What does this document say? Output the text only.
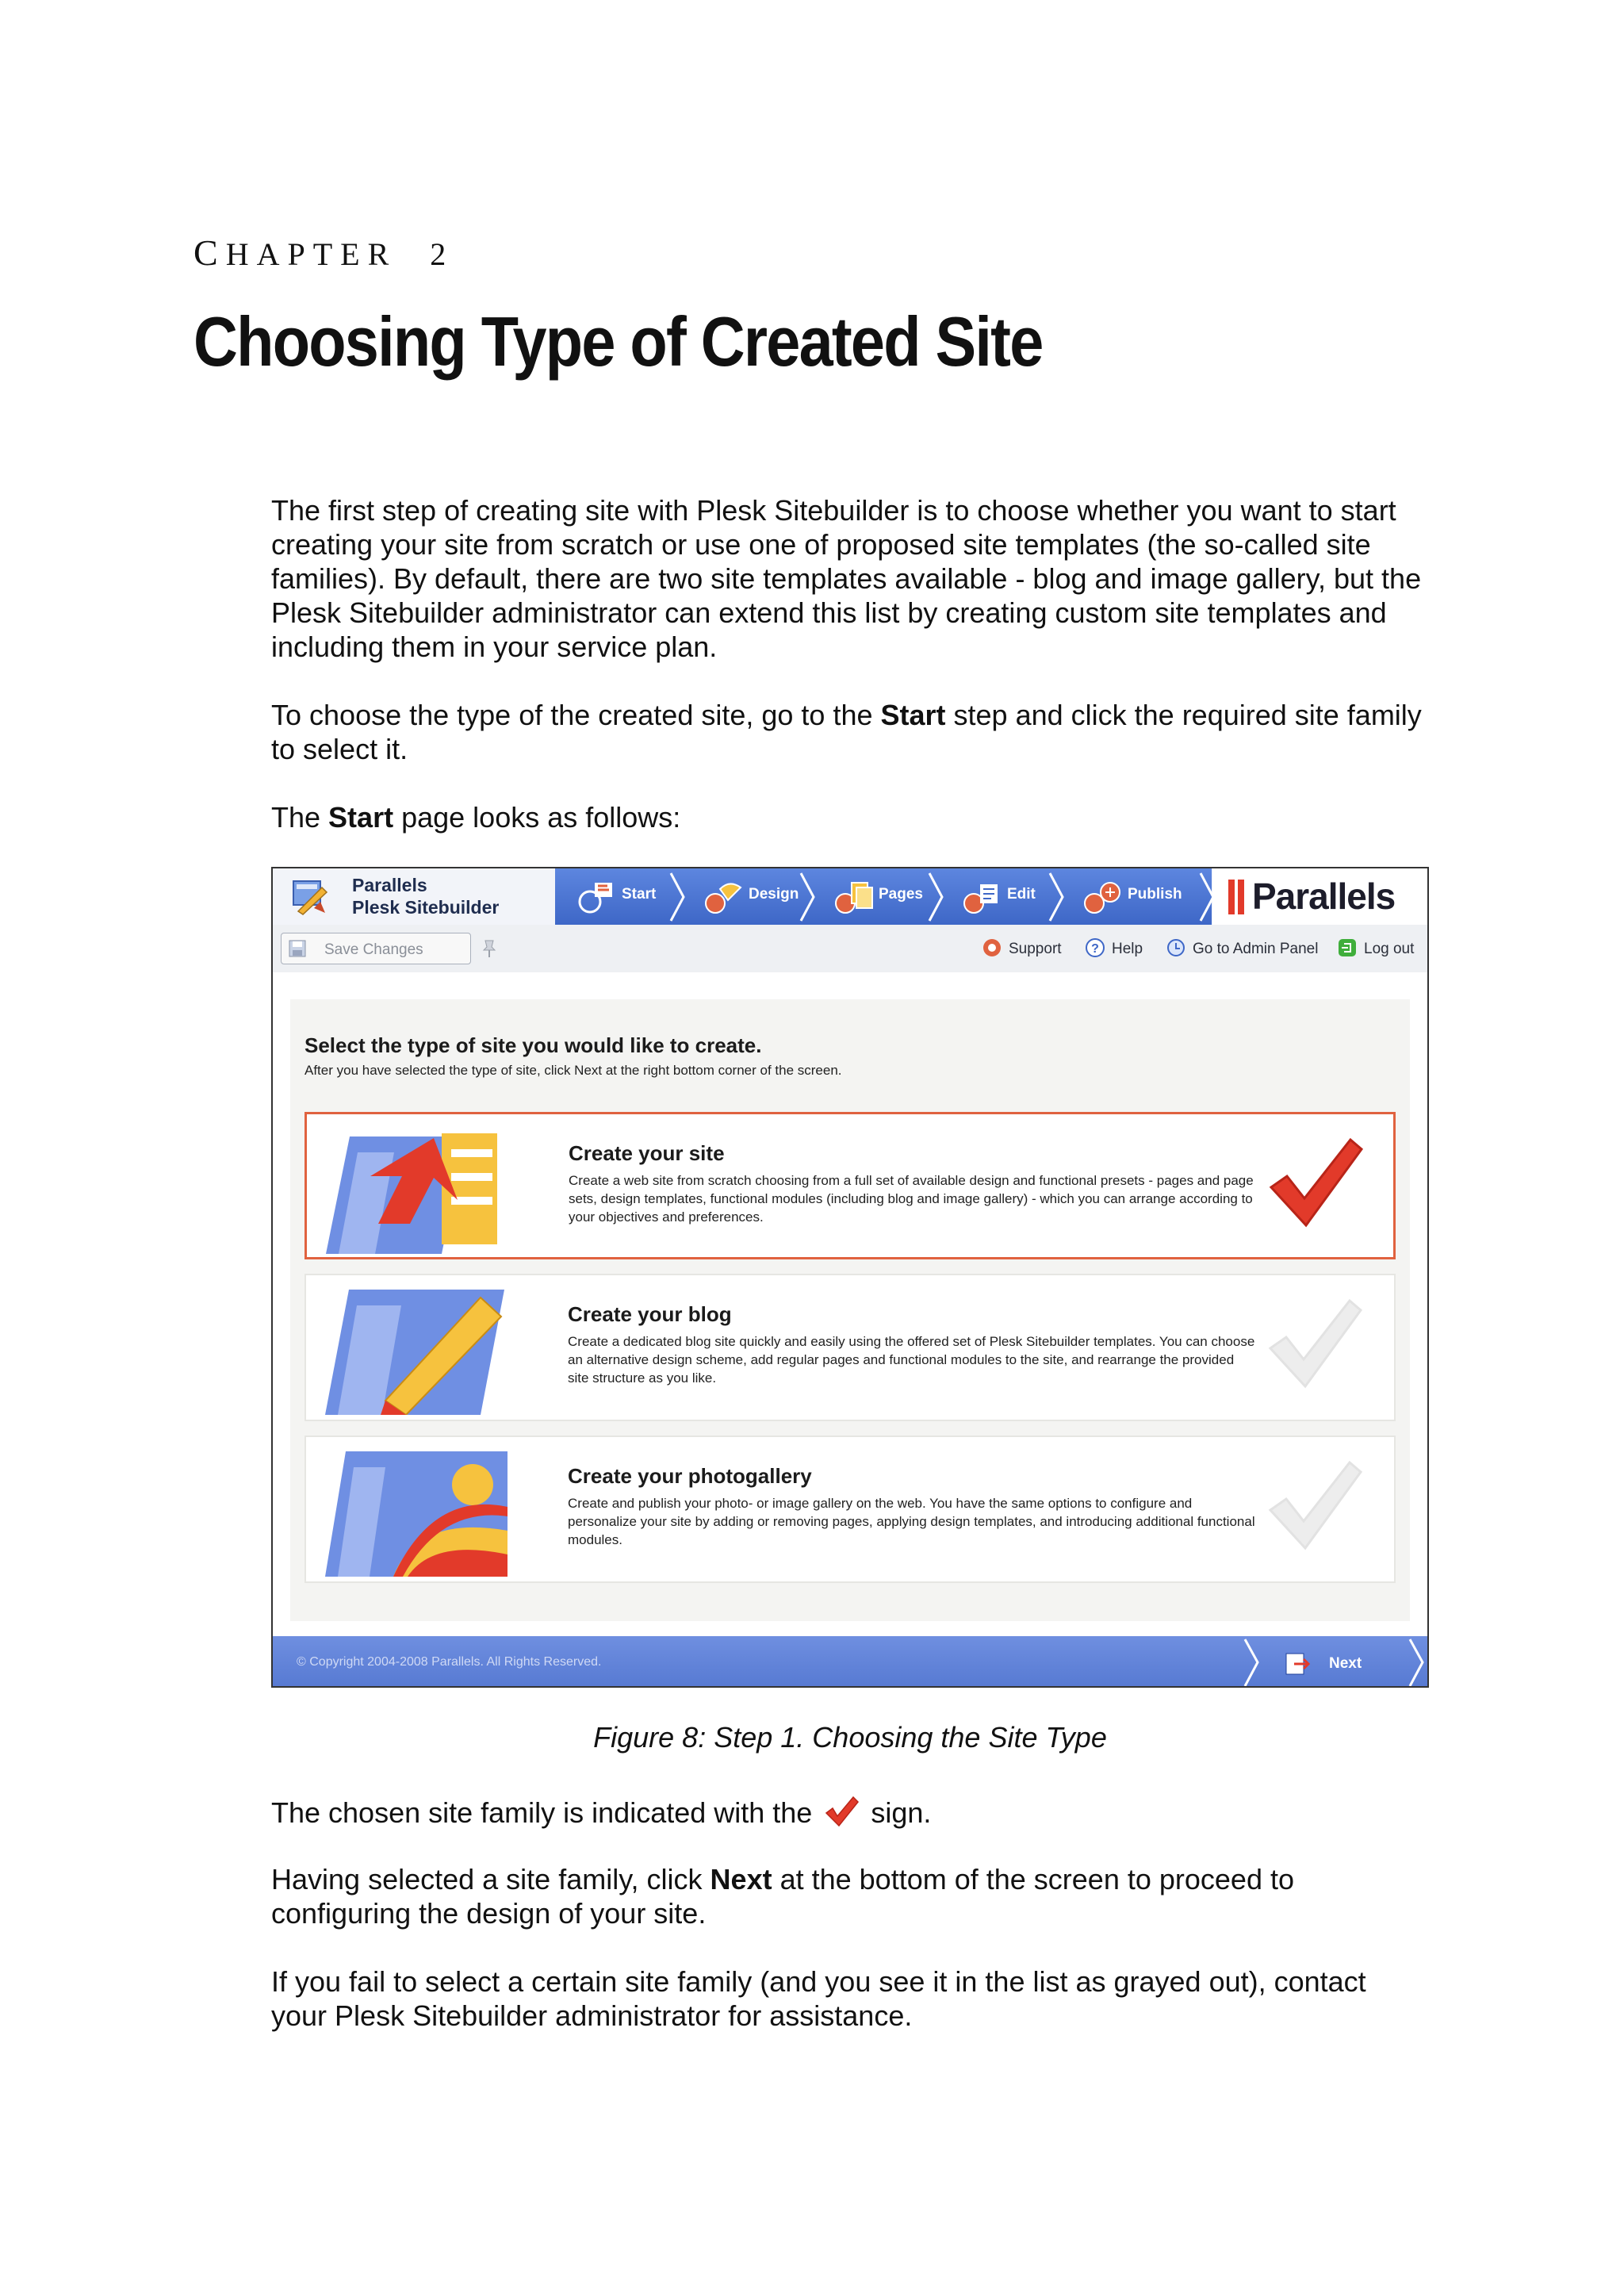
CHAPTER 2
Choosing Type of Created Site
The first step of creating site with Plesk Sitebuilder is to choose whether you want to start creating your site from scratch or use one of proposed site templates (the so-called site families). By default, there are two site templates available - blog and image gallery, but the Plesk Sitebuilder administrator can extend this list by creating custom site templates and including them in your service plan.
To choose the type of the created site, go to the Start step and click the required site family to select it.
The Start page looks as follows:
Parallels
Plesk Sitebuilder
Start	Design	Pages	Edit	Publish Parallels
Save Changes	Support ? Help	Go to Admin Panel	Log out
Select the type of site you would like to create.
After you have selected the type of site, click Next at the right bottom corner of the screen.
Create your site
Create a web site from scratch choosing from a full set of available design and functional presets - pages and page sets, design templates, functional modules (including blog and image gallery) - which you can arrange according to your objectives and preferences.
Create your blog
Create a dedicated blog site quickly and easily using the offered set of Plesk Sitebuilder templates. You can choose an alternative design scheme, add regular pages and functional modules to the site, and rearrange the provided site structure as you like.
Create your photogallery
Create and publish your photo- or image gallery on the web. You have the same options to configure and personalize your site by adding or removing pages, applying design templates, and introducing additional functional modules.
© Copyright 2004-2008 Parallels. All Rights Reserved.	Next
Figure 8: Step 1. Choosing the Site Type
The chosen site family is indicated with the sign.
Having selected a site family, click Next at the bottom of the screen to proceed to configuring the design of your site.
If you fail to select a certain site family (and you see it in the list as grayed out), contact your Plesk Sitebuilder administrator for assistance.
